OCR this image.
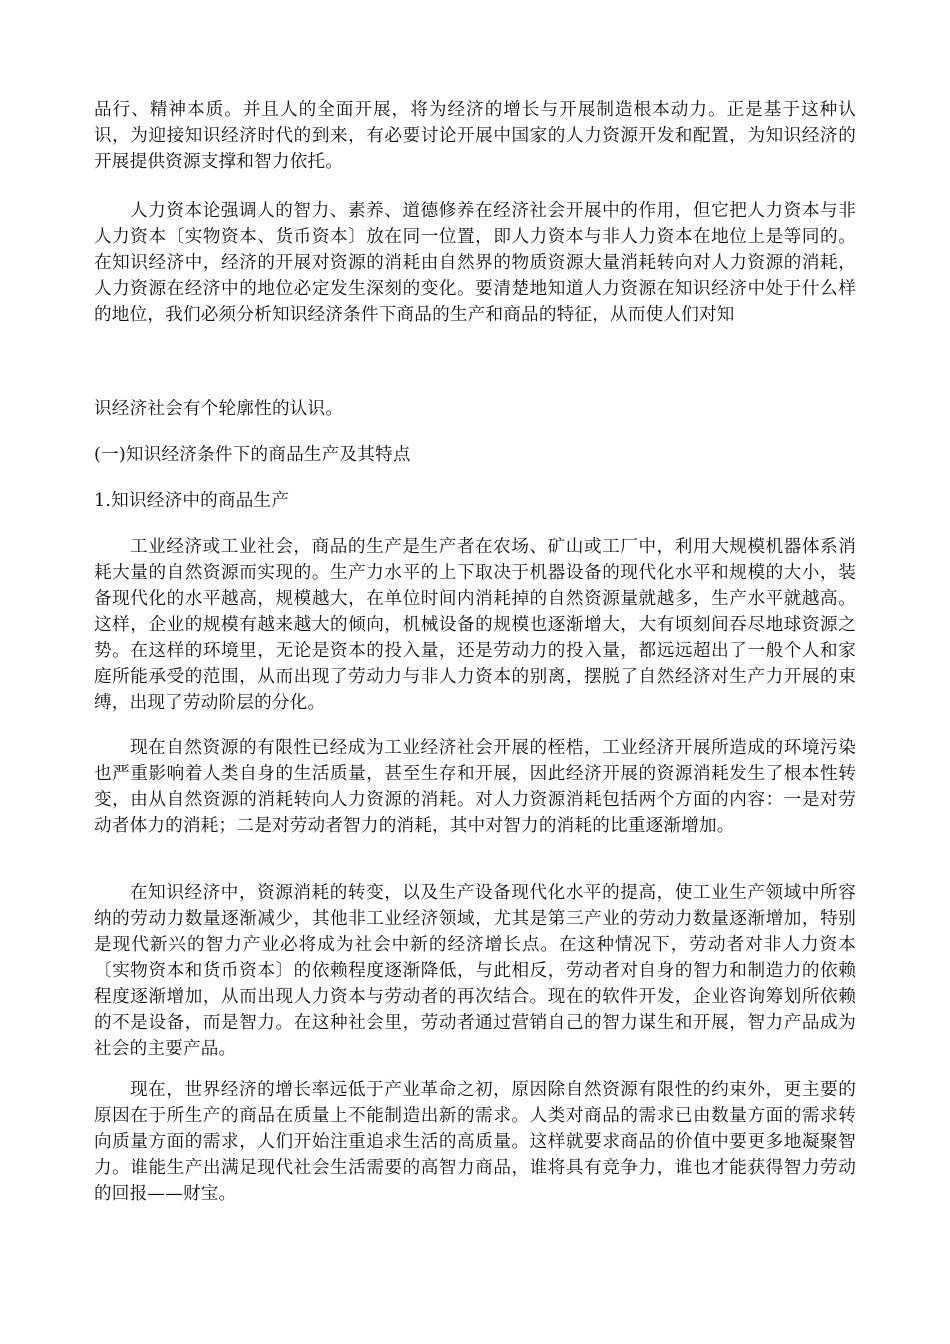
品行、精神本质。并且人的全面开展，将为经济的增长与开展制造根本动力。正是基于这种认识，为迎接知识经济时代的到来，有必要讨论开展中国家的人力资源开发和配置，为知识经济的开展提供资源支撑和智力依托。

人力资本论强调人的智力、素养、道德修养在经济社会开展中的作用，但它把人力资本与非人力资本〔实物资本、货币资本〕放在同一位置，即人力资本与非人力资本在地位上是等同的。在知识经济中，经济的开展对资源的消耗由自然界的物质资源大量消耗转向对人力资源的消耗，人力资源在经济中的地位必定发生深刻的变化。要清楚地知道人力资源在知识经济中处于什么样的地位，我们必须分析知识经济条件下商品的生产和商品的特征，从而使人们对知

识经济社会有个轮廓性的认识。

(一)知识经济条件下的商品生产及其特点

1.知识经济中的商品生产

工业经济或工业社会，商品的生产是生产者在农场、矿山或工厂中，利用大规模机器体系消耗大量的自然资源而实现的。生产力水平的上下取决于机器设备的现代化水平和规模的大小，装备现代化的水平越高，规模越大，在单位时间内消耗掉的自然资源量就越多，生产水平就越高。这样，企业的规模有越来越大的倾向，机械设备的规模也逐渐增大，大有顷刻间吞尽地球资源之势。在这样的环境里，无论是资本的投入量，还是劳动力的投入量，都远远超出了一般个人和家庭所能承受的范围，从而出现了劳动力与非人力资本的别离，摆脱了自然经济对生产力开展的束缚，出现了劳动阶层的分化。

现在自然资源的有限性已经成为工业经济社会开展的桎梏，工业经济开展所造成的环境污染也严重影响着人类自身的生活质量，甚至生存和开展，因此经济开展的资源消耗发生了根本性转变，由从自然资源的消耗转向人力资源的消耗。对人力资源消耗包括两个方面的内容：一是对劳动者体力的消耗；二是对劳动者智力的消耗，其中对智力的消耗的比重逐渐增加。

在知识经济中，资源消耗的转变，以及生产设备现代化水平的提高，使工业生产领域中所容纳的劳动力数量逐渐减少，其他非工业经济领域，尤其是第三产业的劳动力数量逐渐增加，特别是现代新兴的智力产业必将成为社会中新的经济增长点。在这种情况下，劳动者对非人力资本〔实物资本和货币资本〕的依赖程度逐渐降低，与此相反，劳动者对自身的智力和制造力的依赖程度逐渐增加，从而出现人力资本与劳动者的再次结合。现在的软件开发，企业咨询筹划所依赖的不是设备，而是智力。在这种社会里，劳动者通过营销自己的智力谋生和开展，智力产品成为社会的主要产品。

现在，世界经济的增长率远低于产业革命之初，原因除自然资源有限性的约束外，更主要的原因在于所生产的商品在质量上不能制造出新的需求。人类对商品的需求已由数量方面的需求转向质量方面的需求，人们开始注重追求生活的高质量。这样就要求商品的价值中要更多地凝聚智力。谁能生产出满足现代社会生活需要的高智力商品，谁将具有竞争力，谁也才能获得智力劳动的回报——财宝。
